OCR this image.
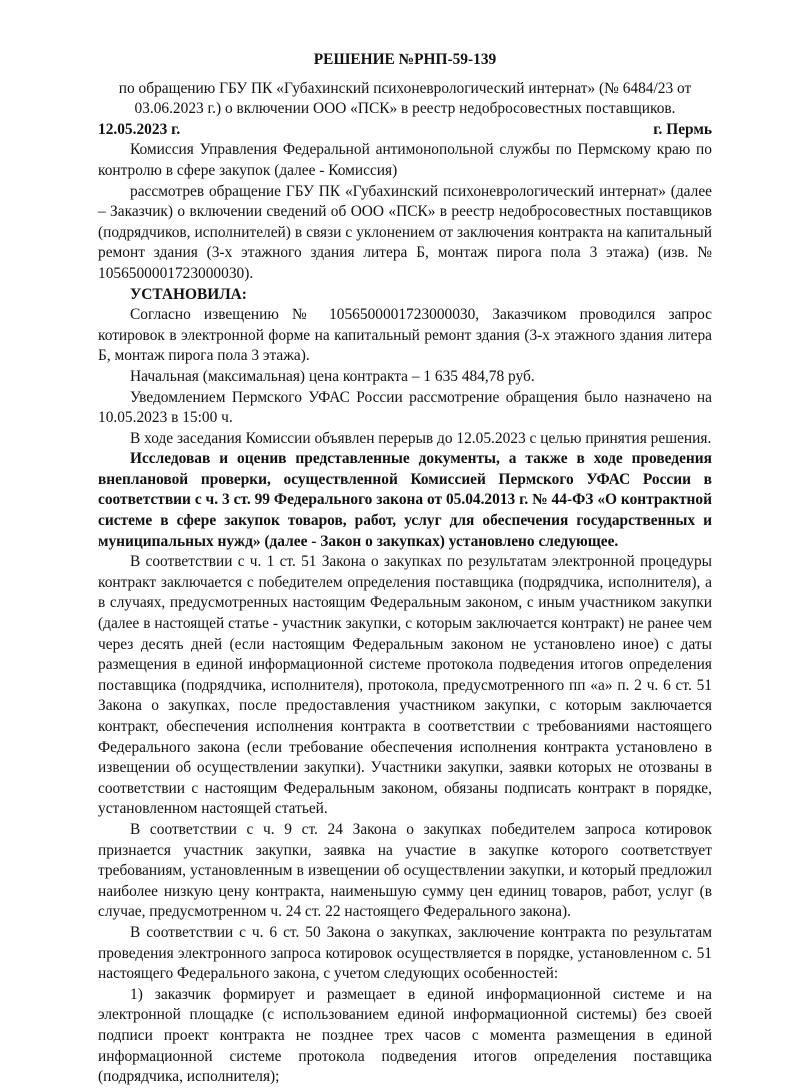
РЕШЕНИЕ №РНП-59-139

по обращению ГБУ ПК «Губахинский психоневрологический интернат» (№ 6484/23 от 03.06.2023 г.) о включении ООО «ПСК» в реестр недобросовестных поставщиков.

12.05.2023 г.	г. Пермь

Комиссия Управления Федеральной антимонопольной службы по Пермскому краю по контролю в сфере закупок (далее - Комиссия)

рассмотрев обращение ГБУ ПК «Губахинский психоневрологический интернат» (далее – Заказчик) о включении сведений об ООО «ПСК» в реестр недобросовестных поставщиков (подрядчиков, исполнителей) в связи с уклонением от заключения контракта на капитальный ремонт здания (3-х этажного здания литера Б, монтаж пирога пола 3 этажа) (изв. № 1056500001723000030).

УСТАНОВИЛА:

Согласно извещению № 1056500001723000030, Заказчиком проводился запрос котировок в электронной форме на капитальный ремонт здания (3-х этажного здания литера Б, монтаж пирога пола 3 этажа).

Начальная (максимальная) цена контракта – 1 635 484,78 руб.

Уведомлением Пермского УФАС России рассмотрение обращения было назначено на 10.05.2023 в 15:00 ч.

В ходе заседания Комиссии объявлен перерыв до 12.05.2023 с целью принятия решения.

Исследовав и оценив представленные документы, а также в ходе проведения внеплановой проверки, осуществленной Комиссией Пермского УФАС России в соответствии с ч. 3 ст. 99 Федерального закона от 05.04.2013 г. № 44-ФЗ «О контрактной системе в сфере закупок товаров, работ, услуг для обеспечения государственных и муниципальных нужд» (далее - Закон о закупках) установлено следующее.

В соответствии с ч. 1 ст. 51 Закона о закупках по результатам электронной процедуры контракт заключается с победителем определения поставщика (подрядчика, исполнителя), а в случаях, предусмотренных настоящим Федеральным законом, с иным участником закупки (далее в настоящей статье - участник закупки, с которым заключается контракт) не ранее чем через десять дней (если настоящим Федеральным законом не установлено иное) с даты размещения в единой информационной системе протокола подведения итогов определения поставщика (подрядчика, исполнителя), протокола, предусмотренного пп «а» п. 2 ч. 6 ст. 51 Закона о закупках, после предоставления участником закупки, с которым заключается контракт, обеспечения исполнения контракта в соответствии с требованиями настоящего Федерального закона (если требование обеспечения исполнения контракта установлено в извещении об осуществлении закупки). Участники закупки, заявки которых не отозваны в соответствии с настоящим Федеральным законом, обязаны подписать контракт в порядке, установленном настоящей статьей.

В соответствии с ч. 9 ст. 24 Закона о закупках победителем запроса котировок признается участник закупки, заявка на участие в закупке которого соответствует требованиям, установленным в извещении об осуществлении закупки, и который предложил наиболее низкую цену контракта, наименьшую сумму цен единиц товаров, работ, услуг (в случае, предусмотренном ч. 24 ст. 22 настоящего Федерального закона).

В соответствии с ч. 6 ст. 50 Закона о закупках, заключение контракта по результатам проведения электронного запроса котировок осуществляется в порядке, установленном с. 51 настоящего Федерального закона, с учетом следующих особенностей:

1) заказчик формирует и размещает в единой информационной системе и на электронной площадке (с использованием единой информационной системы) без своей подписи проект контракта не позднее трех часов с момента размещения в единой информационной системе протокола подведения итогов определения поставщика (подрядчика, исполнителя);
